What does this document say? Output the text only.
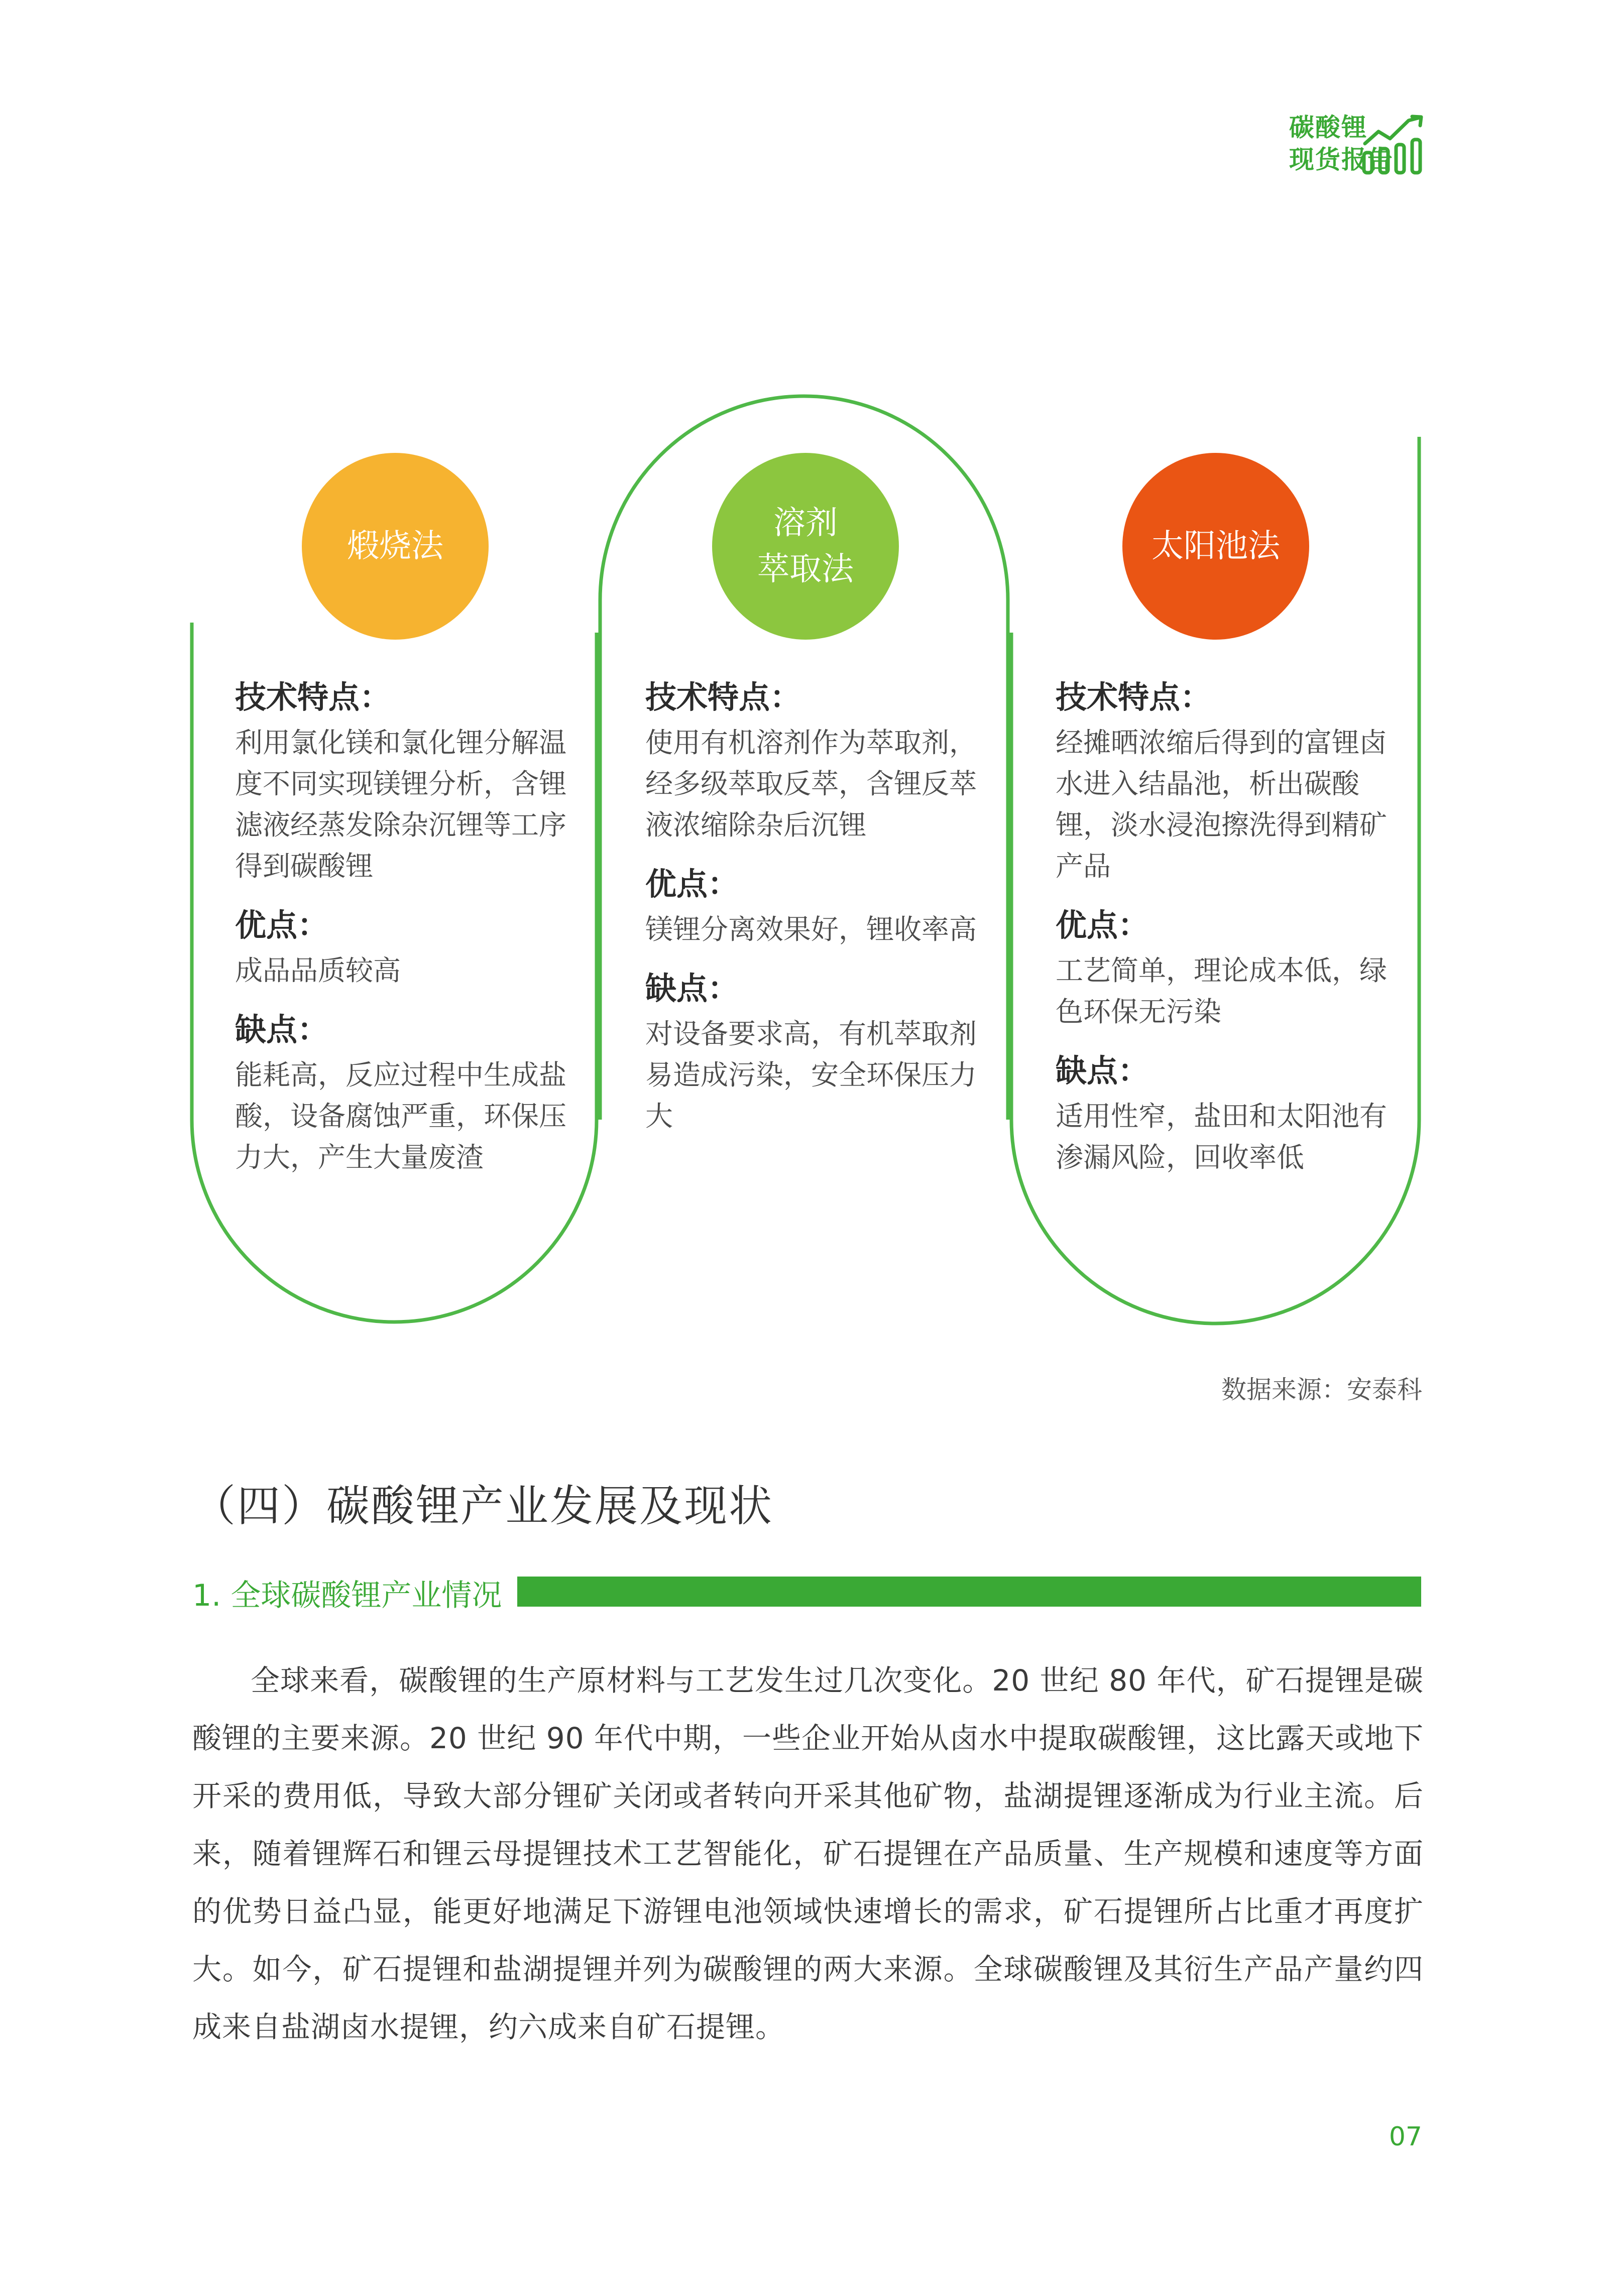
碳酸锂
现货报告
煅烧法

技术特点：

利用氯化镁和氯化锂分解温度不同实现镁锂分析，含锂滤液经蒸发除杂沉锂等工序得到碳酸锂

优点：

成品品质较高

缺点：

能耗高，反应过程中生成盐酸，设备腐蚀严重，环保压力大，产生大量废渣

溶剂
萃取法

技术特点：

使用有机溶剂作为萃取剂，经多级萃取反萃，含锂反萃液浓缩除杂后沉锂

优点：

镁锂分离效果好，锂收率高

缺点：

对设备要求高，有机萃取剂易造成污染，安全环保压力大

太阳池法

技术特点：

经摊晒浓缩后得到的富锂卤水进入结晶池，析出碳酸锂，淡水浸泡擦洗得到精矿产品

优点：

工艺简单，理论成本低，绿色环保无污染

缺点：

适用性窄，盐田和太阳池有渗漏风险，回收率低

数据来源：安泰科
（四）碳酸锂产业发展及现状
1. 全球碳酸锂产业情况
全球来看，碳酸锂的生产原材料与工艺发生过几次变化。20 世纪 80 年代，矿石提锂是碳酸锂的主要来源。20 世纪 90 年代中期，一些企业开始从卤水中提取碳酸锂，这比露天或地下开采的费用低，导致大部分锂矿关闭或者转向开采其他矿物，盐湖提锂逐渐成为行业主流。后来，随着锂辉石和锂云母提锂技术工艺智能化，矿石提锂在产品质量、生产规模和速度等方面的优势日益凸显，能更好地满足下游锂电池领域快速增长的需求，矿石提锂所占比重才再度扩大。如今，矿石提锂和盐湖提锂并列为碳酸锂的两大来源。全球碳酸锂及其衍生产品产量约四成来自盐湖卤水提锂，约六成来自矿石提锂。
07
